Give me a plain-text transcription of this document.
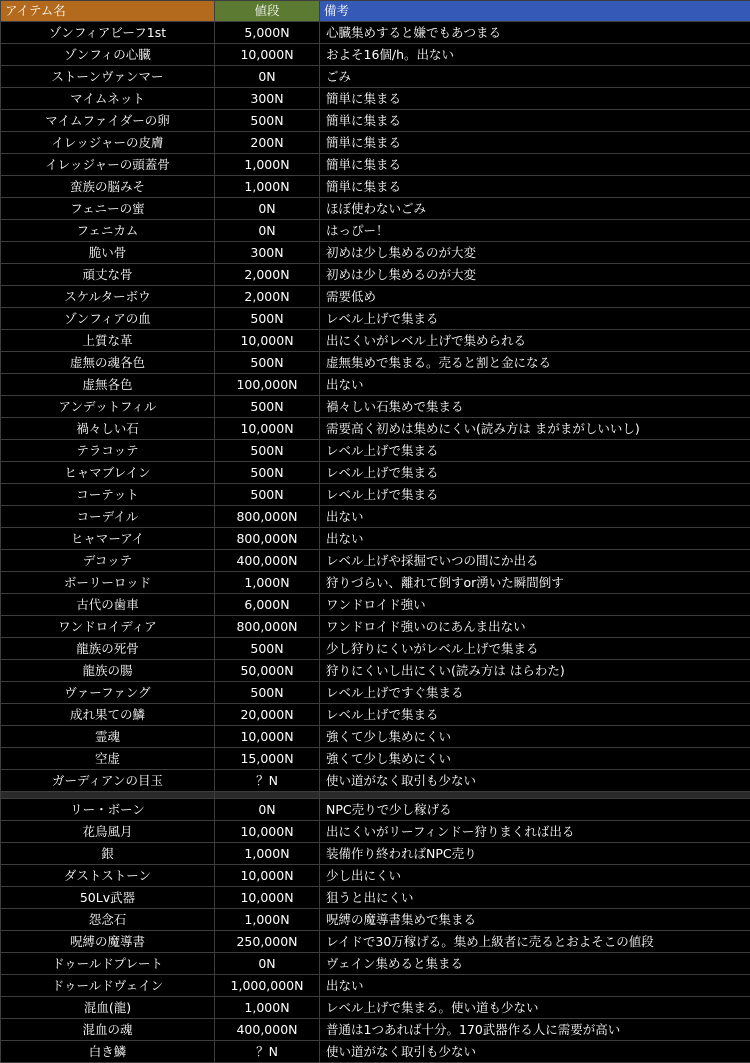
アイテム名	値段	備考
ゾンフィアビーフ1st	5,000N	心臓集めすると嫌でもあつまる
ゾンフィの心臓	10,000N	およそ16個/h。出ない
ストーンヴァンマー	0N	ごみ
マイムネット	300N	簡単に集まる
マイムファイダーの卵	500N	簡単に集まる
イレッジャーの皮膚	200N	簡単に集まる
イレッジャーの頭蓋骨	1,000N	簡単に集まる
蛮族の脳みそ	1,000N	簡単に集まる
フェニーの蜜	0N	ほぼ使わないごみ
フェニカム	0N	はっぴー！
脆い骨	300N	初めは少し集めるのが大変
頑丈な骨	2,000N	初めは少し集めるのが大変
スケルターボウ	2,000N	需要低め
ゾンフィアの血	500N	レベル上げで集まる
上質な革	10,000N	出にくいがレベル上げで集められる
虚無の魂各色	500N	虚無集めで集まる。売ると割と金になる
虚無各色	100,000N	出ない
アンデットフィル	500N	禍々しい石集めで集まる
禍々しい石	10,000N	需要高く初めは集めにくい(読み方は まがまがしいいし)
テラコッテ	500N	レベル上げで集まる
ヒャマブレイン	500N	レベル上げで集まる
コーテット	500N	レベル上げで集まる
コーデイル	800,000N	出ない
ヒャマーアイ	800,000N	出ない
デコッテ	400,000N	レベル上げや採掘でいつの間にか出る
ボーリーロッド	1,000N	狩りづらい、離れて倒すor湧いた瞬間倒す
古代の歯車	6,000N	ワンドロイド強い
ワンドロイディア	800,000N	ワンドロイド強いのにあんま出ない
龍族の死骨	500N	少し狩りにくいがレベル上げで集まる
龍族の腸	50,000N	狩りにくいし出にくい(読み方は はらわた)
ヴァーファング	500N	レベル上げですぐ集まる
成れ果ての鱗	20,000N	レベル上げで集まる
霊魂	10,000N	強くて少し集めにくい
空虚	15,000N	強くて少し集めにくい
ガーディアンの目玉	？N	使い道がなく取引も少ない

リー・ボーン	0N	NPC売りで少し稼げる
花鳥風月	10,000N	出にくいがリーフィンドー狩りまくれば出る
銀	1,000N	装備作り終わればNPC売り
ダストストーン	10,000N	少し出にくい
50Lv武器	10,000N	狙うと出にくい
怨念石	1,000N	呪縛の魔導書集めで集まる
呪縛の魔導書	250,000N	レイドで30万稼げる。集め上級者に売るとおよそこの値段
ドゥールドプレート	0N	ヴェイン集めると集まる
ドゥールドヴェイン	1,000,000N	出ない
混血(龍)	1,000N	レベル上げで集まる。使い道も少ない
混血の魂	400,000N	普通は1つあれば十分。170武器作る人に需要が高い
白き鱗	？N	使い道がなく取引も少ない
